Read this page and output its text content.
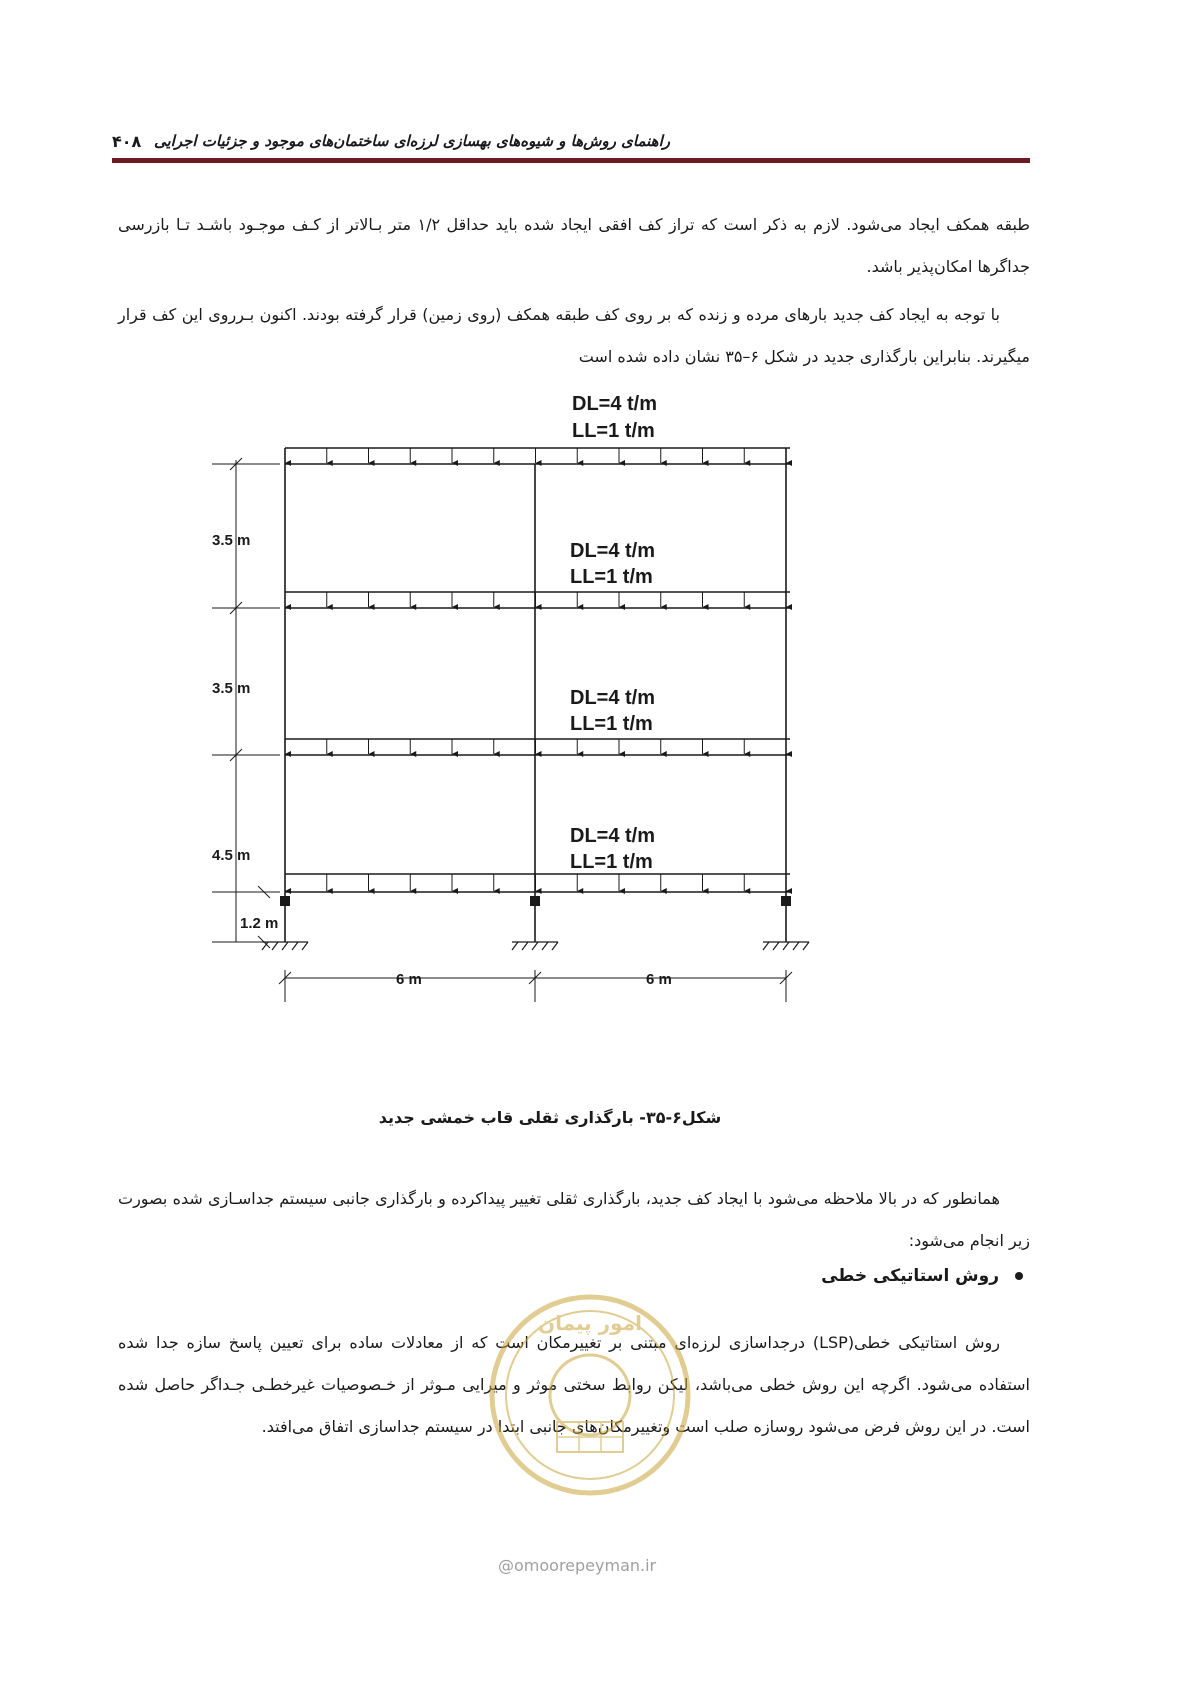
راهنمای روش‌ها و شیوه‌های بهسازی لرزه‌ای ساختمان‌های موجود و جزئیات اجرایی
۴۰۸

طبقه همکف ایجاد می‌شود. لازم به ذکر است که تراز کف افقی ایجاد شده باید حداقل ۱/۲ متر بـالاتر از کـف موجـود باشـد تـا بازرسی جداگرها امکان‌پذیر باشد.

با توجه به ایجاد کف جدید بارهای مرده و زنده که بر روی کف طبقه همکف (روی زمین) قرار گرفته بودند. اکنون بـرروی این کف قرار میگیرند. بنابراین بارگذاری جدید در شکل ۶–۳۵ نشان داده شده است

DL=4 t/m
LL=1 t/m
DL=4 t/m
LL=1 t/m
DL=4 t/m
LL=1 t/m
DL=4 t/m
LL=1 t/m
3.5 m
3.5 m
4.5 m
1.2 m
6 m	6 m
شکل۶-۳۵- بارگذاری ثقلی قاب خمشی جدید

همانطور که در بالا ملاحظه می‌شود با ایجاد کف جدید، بارگذاری ثقلی تغییر پیداکرده و بارگذاری جانبی سیستم جداسـازی شده بصورت زیر انجام می‌شود:

روش استاتیکی خطی

روش استاتیکی خطی(LSP) درجداسازی لرزه‌ای مبتنی بر تغییرمکان است که از معادلات ساده برای تعیین پاسخ سازه جدا شده استفاده می‌شود. اگرچه این روش خطی می‌باشد، لیکن روابط سختی موثر و میرایی مـوثر از خـصوصیات غیرخطـی جـداگر حاصل شده است. در این روش فرض می‌شود روسازه صلب است وتغییرمکان‌های جانبی ابتدا در سیستم جداسازی اتفاق می‌افتد.

امور پیمان
@omoorepeyman.ir
